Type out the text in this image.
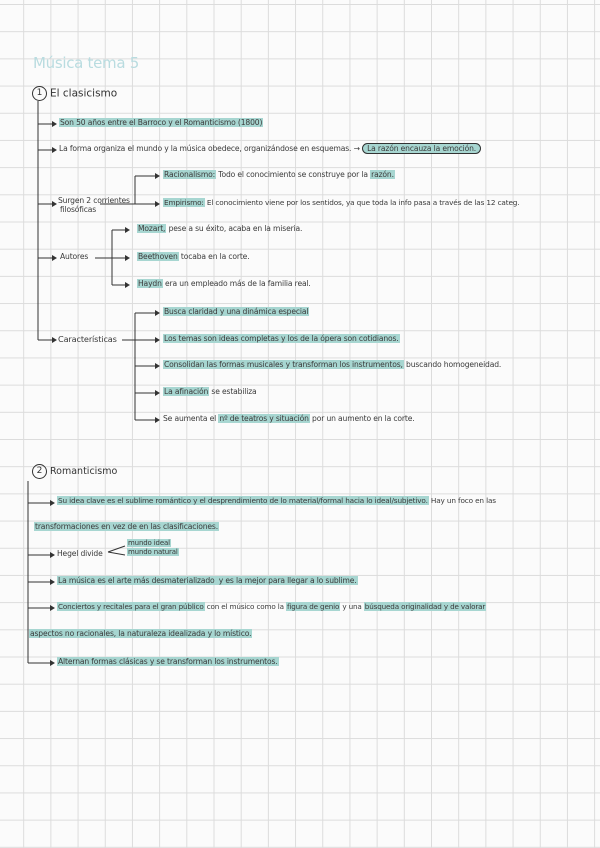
Música tema 5
1 El clasicismo
Son 50 años entre el Barroco y el Romanticismo (1800)
La forma organiza el mundo y la música obedece, organizándose en esquemas. → La razón encauza la emoción.
Surgen 2 corrientes
filosóficas
Racionalismo: Todo el conocimiento se construye por la razón.
Empirismo: El conocimiento viene por los sentidos, ya que toda la info pasa a través de las 12 categ.
Autores
Mozart, pese a su éxito, acaba en la miseria.
Beethoven tocaba en la corte.
Haydn era un empleado más de la familia real.
Características
Busca claridad y una dinámica especial
Los temas son ideas completas y los de la ópera son cotidianos.
Consolidan las formas musicales y transforman los instrumentos, buscando homogeneidad.
La afinación se estabiliza
Se aumenta el nº de teatros y situación por un aumento en la corte.
2 Romanticismo
Su idea clave es el sublime romántico y el desprendimiento de lo material/formal hacia lo ideal/subjetivo. Hay un foco en las
transformaciones en vez de en las clasificaciones.
Hegel divide
mundo ideal
mundo natural
La música es el arte más desmaterializado y es la mejor para llegar a lo sublime.
Conciertos y recitales para el gran público con el músico como la figura de genio y una búsqueda originalidad y de valorar
aspectos no racionales, la naturaleza idealizada y lo místico.
Alternan formas clásicas y se transforman los instrumentos.
